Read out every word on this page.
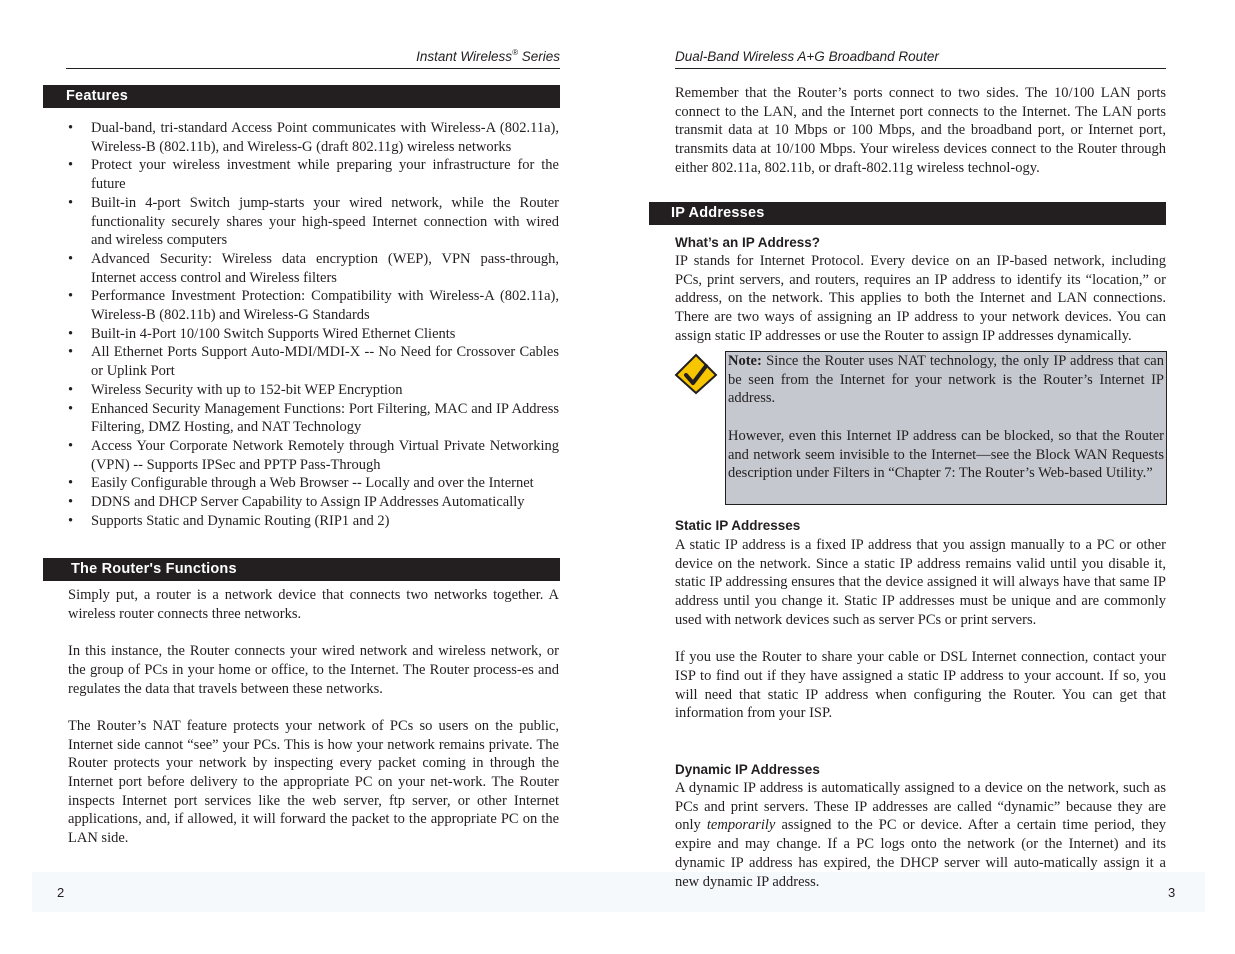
Instant Wireless® Series
Features
• Dual-band, tri-standard Access Point communicates with Wireless-A (802.11a), Wireless-B (802.11b), and Wireless-G (draft 802.11g) wireless networks
• Protect your wireless investment while preparing your infrastructure for the future
• Built-in 4-port Switch jump-starts your wired network, while the Router functionality securely shares your high-speed Internet connection with wired and wireless computers
• Advanced Security: Wireless data encryption (WEP), VPN pass-through, Internet access control and Wireless filters
• Performance Investment Protection: Compatibility with Wireless-A (802.11a), Wireless-B (802.11b) and Wireless-G Standards
• Built-in 4-Port 10/100 Switch Supports Wired Ethernet Clients
• All Ethernet Ports Support Auto-MDI/MDI-X -- No Need for Crossover Cables or Uplink Port
• Wireless Security with up to 152-bit WEP Encryption
• Enhanced Security Management Functions: Port Filtering, MAC and IP Address Filtering, DMZ Hosting, and NAT Technology
• Access Your Corporate Network Remotely through Virtual Private Networking (VPN) -- Supports IPSec and PPTP Pass-Through
• Easily Configurable through a Web Browser -- Locally and over the Internet
• DDNS and DHCP Server Capability to Assign IP Addresses Automatically
• Supports Static and Dynamic Routing (RIP1 and 2)
The Router's Functions

Simply put, a router is a network device that connects two networks together. A wireless router connects three networks.

In this instance, the Router connects your wired network and wireless network, or the group of PCs in your home or office, to the Internet. The Router process-es and regulates the data that travels between these networks.

The Router’s NAT feature protects your network of PCs so users on the public, Internet side cannot “see” your PCs. This is how your network remains private. The Router protects your network by inspecting every packet coming in through the Internet port before delivery to the appropriate PC on your net-work. The Router inspects Internet port services like the web server, ftp server, or other Internet applications, and, if allowed, it will forward the packet to the appropriate PC on the LAN side.

2
Dual-Band Wireless A+G Broadband Router
Remember that the Router’s ports connect to two sides. The 10/100 LAN ports connect to the LAN, and the Internet port connects to the Internet. The LAN ports transmit data at 10 Mbps or 100 Mbps, and the broadband port, or Internet port, transmits data at 10/100 Mbps. Your wireless devices connect to the Router through either 802.11a, 802.11b, or draft-802.11g wireless technol-ogy.
IP Addresses
What’s an IP Address?
IP stands for Internet Protocol. Every device on an IP-based network, including PCs, print servers, and routers, requires an IP address to identify its “location,” or address, on the network. This applies to both the Internet and LAN connections. There are two ways of assigning an IP address to your network devices. You can assign static IP addresses or use the Router to assign IP addresses dynamically.

Note: Since the Router uses NAT technology, the only IP address that can be seen from the Internet for your network is the Router’s Internet IP address.

However, even this Internet IP address can be blocked, so that the Router and network seem invisible to the Internet—see the Block WAN Requests description under Filters in “Chapter 7: The Router’s Web-based Utility.”

Static IP Addresses

A static IP address is a fixed IP address that you assign manually to a PC or other device on the network. Since a static IP address remains valid until you disable it, static IP addressing ensures that the device assigned it will always have that same IP address until you change it. Static IP addresses must be unique and are commonly used with network devices such as server PCs or print servers.

If you use the Router to share your cable or DSL Internet connection, contact your ISP to find out if they have assigned a static IP address to your account. If so, you will need that static IP address when configuring the Router. You can get that information from your ISP.

Dynamic IP Addresses
A dynamic IP address is automatically assigned to a device on the network, such as PCs and print servers. These IP addresses are called “dynamic” because they are only temporarily assigned to the PC or device. After a certain time period, they expire and may change. If a PC logs onto the network (or the Internet) and its dynamic IP address has expired, the DHCP server will auto-matically assign it a new dynamic IP address.
3
